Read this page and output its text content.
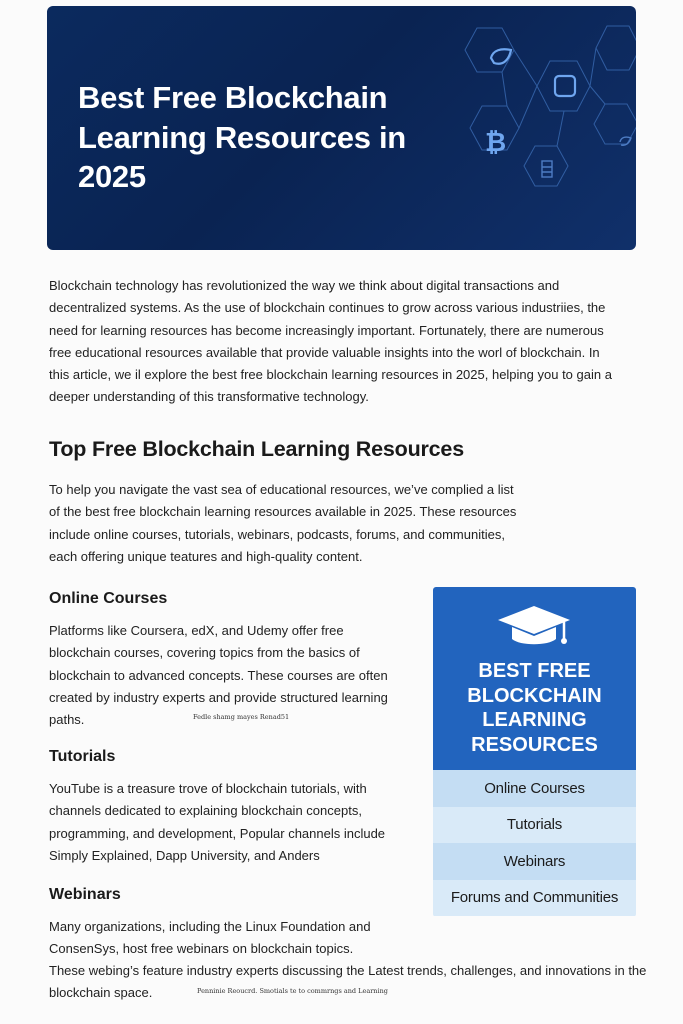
Best Free Blockchain Learning Resources in 2025
₿

Blockchain technology has revolutionized the way we think about digital transactions and decentralized systems. As the use of blockchain continues to grow across various industriies, the need for learning resources has become increasingly important. Fortunately, there are numerous free educational resources available that provide valuable insights into the worl of blockchain. In this article, we il explore the best free blockchain learning resources in 2025, helping you to gain a deeper understanding of this transformative technology.

Top Free Blockchain Learning Resources

To help you navigate the vast sea of educational resources, we’ve complied a list of the best free blockchain learning resources available in 2025. These resources include online courses, tutorials, webinars, podcasts, forums, and communities, each offering unique teatures and high-quality content.

Online Courses

Platforms like Coursera, edX, and Udemy offer free blockchain courses, covering topics from the basics of blockchain to advanced concepts. These courses are often created by industry experts and provide structured learning paths.	Fedle shamg mayes Renad51
Tutorials

YouTube is a treasure trove of blockchain tutorials, with channels dedicated to explaining blockchain concepts, programming, and development, Popular channels include Simply Explained, Dapp University, and Anders

Webinars

Many organizations, including the Linux Foundation and ConsenSys, host free webinars on blockchain topics.

These webing’s feature industry experts discussing the Latest trends, challenges, and innovations in the blockchain space.	Penninie Reoucrd. Smotials te to commrngs and Learning

BEST FREE BLOCKCHAIN LEARNING RESOURCES

Online Courses
Tutorials
Webinars
Forums and Communities
